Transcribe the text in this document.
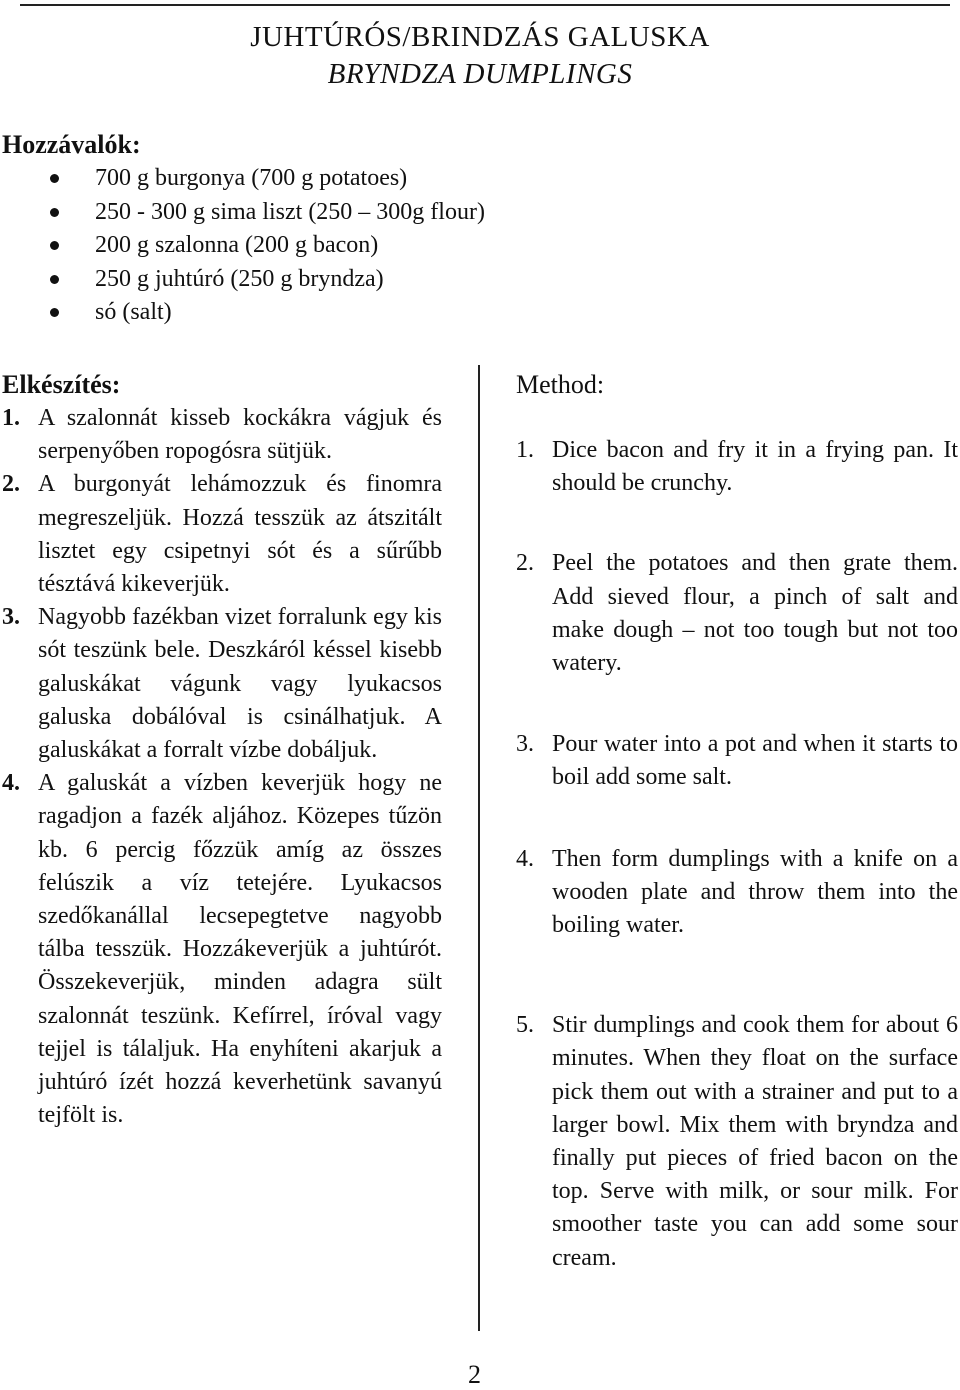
JUHTÚRÓS/BRINDZÁS GALUSKA
BRYNDZA DUMPLINGS
Hozzávalók:
700 g burgonya (700 g potatoes)
250 - 300 g sima liszt (250 – 300g flour)
200 g szalonna (200 g bacon)
250 g juhtúró (250 g bryndza)
só (salt)
Elkészítés:	Method:
1. A szalonnát kisseb kockákra vágjuk és serpenyőben ropogósra sütjük.
2. A burgonyát lehámozzuk és finomra megreszeljük. Hozzá tesszük az átszitált lisztet egy csipetnyi sót és a sűrűbb tésztává kikeverjük.
3. Nagyobb fazékban vizet forralunk egy kis sót teszünk bele. Deszkáról késsel kisebb galuskákat vágunk vagy lyukacsos galuska dobálóval is csinálhatjuk. A galuskákat a forralt vízbe dobáljuk.
4. A galuskát a vízben keverjük hogy ne ragadjon a fazék aljához. Közepes tűzön kb. 6 percig főzzük amíg az összes felúszik a víz tetejére. Lyukacsos szedőkanállal lecsepegtetve nagyobb tálba tesszük. Hozzákeverjük a juhtúrót. Összekeverjük, minden adagra sült szalonnát teszünk. Kefírrel, íróval vagy tejjel is tálaljuk. Ha enyhíteni akarjuk a juhtúró ízét hozzá keverhetünk savanyú tejfölt is.
1. Dice bacon and fry it in a frying pan. It should be crunchy.
2. Peel the potatoes and then grate them. Add sieved flour, a pinch of salt and make dough – not too tough but not too watery.
3. Pour water into a pot and when it starts to boil add some salt.
4. Then form dumplings with a knife on a wooden plate and throw them into the boiling water.
5. Stir dumplings and cook them for about 6 minutes. When they float on the surface pick them out with a strainer and put to a larger bowl. Mix them with bryndza and finally put pieces of fried bacon on the top. Serve with milk, or sour milk. For smoother taste you can add some sour cream.
2
